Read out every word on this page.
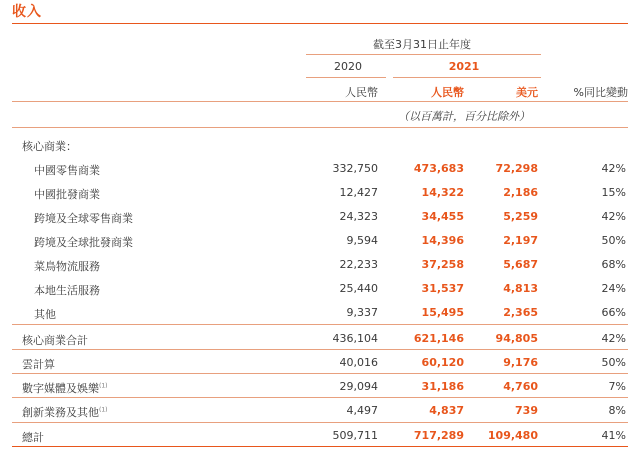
收入
截至3月31日止年度
2020	2021
人民幣	人民幣	美元	%同比變動
（以百萬計，百分比除外）
核心商業：
中國零售商業	332,750	473,683	72,298	42%
中國批發商業	12,427	14,322	2,186	15%
跨境及全球零售商業	24,323	34,455	5,259	42%
跨境及全球批發商業	9,594	14,396	2,197	50%
菜鳥物流服務	22,233	37,258	5,687	68%
本地生活服務	25,440	31,537	4,813	24%
其他	9,337	15,495	2,365	66%
核心商業合計	436,104	621,146	94,805	42%
雲計算	40,016	60,120	9,176	50%
數字媒體及娛樂$^{(1)}$	29,094	31,186	4,760	7%
創新業務及其他$^{(1)}$	4,497	4,837	739	8%
總計	509,711	717,289	109,480	41%
